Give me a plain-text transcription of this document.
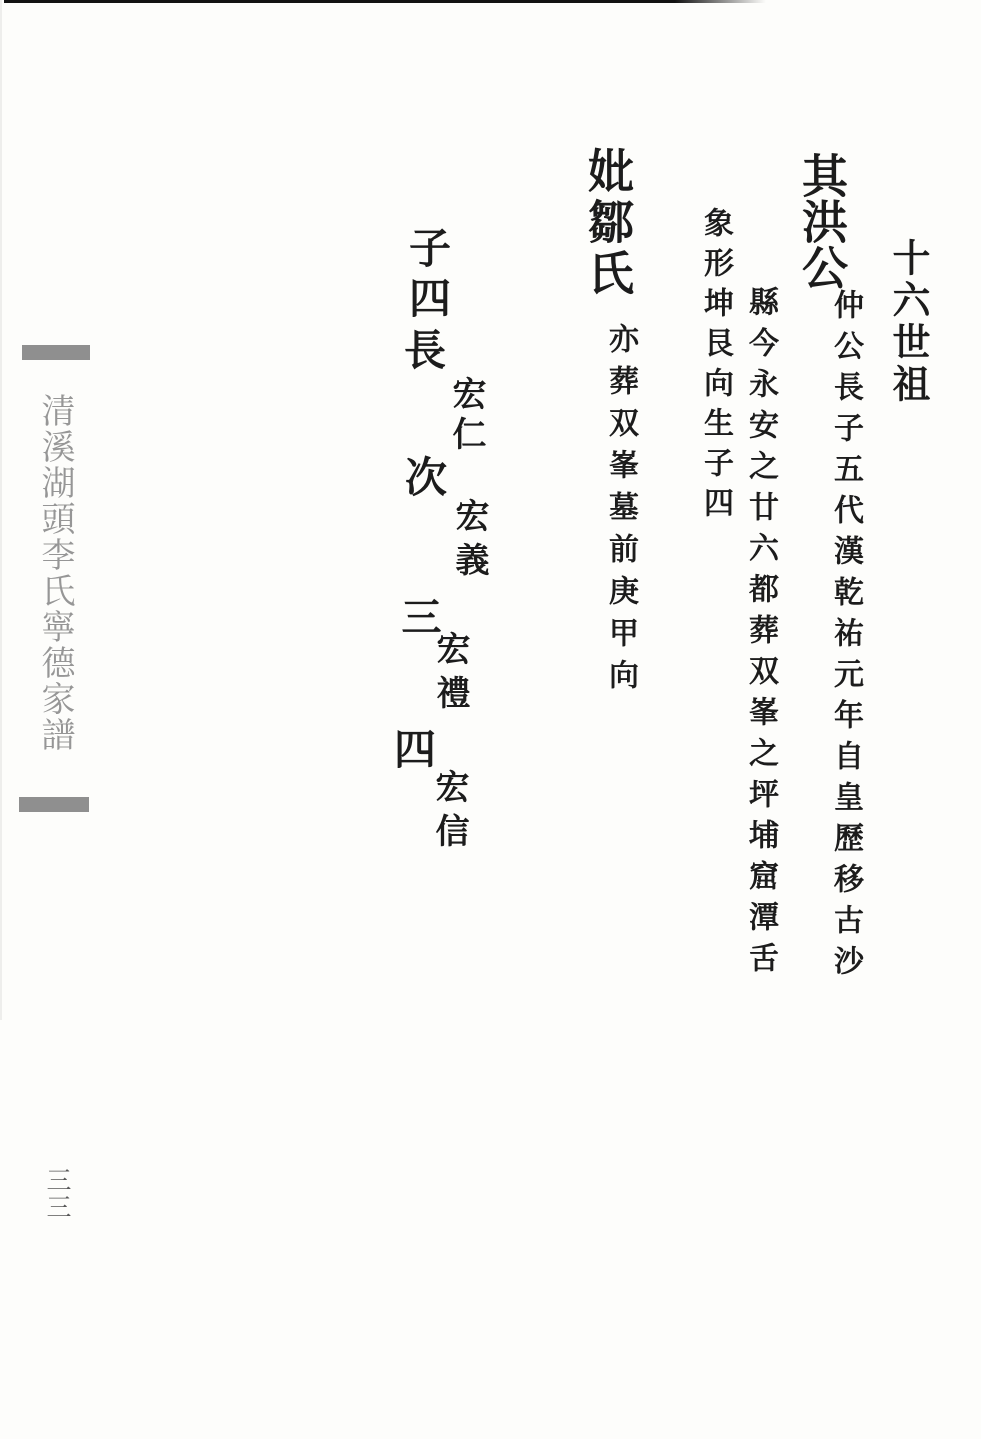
清溪湖頭李氏寧德家譜
三三
十六世祖
其洪公
仲公長子五代漢乾祐元年自皇歷移古沙
縣今永安之廿六都葬双峯之坪埔窟潭舌
象形坤艮向生子四
妣鄒氏
亦葬双峯墓前庚甲向
子四
長
宏仁
次
宏義
三
宏禮
四
宏信
